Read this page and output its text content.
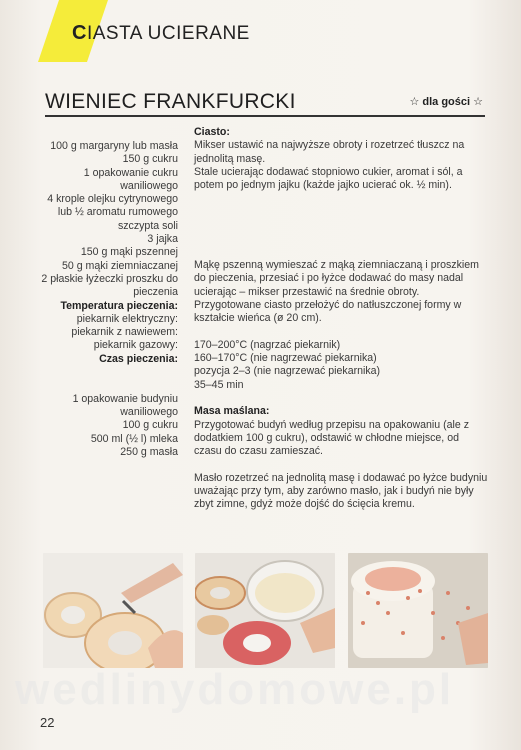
CIASTA UCIERANE
WIENIEC FRANKFURCKI	☆ dla gości ☆
100 g margaryny lub masła
150 g cukru
1 opakowanie cukru
waniliowego
4 krople olejku cytrynowego
lub ½ aromatu rumowego
szczypta soli
3 jajka
150 g mąki pszennej
50 g mąki ziemniaczanej
2 płaskie łyżeczki proszku do
pieczenia
Temperatura pieczenia:
piekarnik elektryczny:
piekarnik z nawiewem:
piekarnik gazowy:
Czas pieczenia:
1 opakowanie budyniu
waniliowego
100 g cukru
500 ml (½ l) mleka
250 g masła
Ciasto:

Mikser ustawić na najwyższe obroty i rozetrzeć tłuszcz na jednolitą masę.

Stale ucierając dodawać stopniowo cukier, aromat i sól, a potem po jednym jajku (każde jajko ucierać ok. ½ min).

Mąkę pszenną wymieszać z mąką ziemniaczaną i proszkiem do pieczenia, przesiać i po łyżce dodawać do masy nadal ucierając – mikser przestawić na średnie obroty. Przygotowane ciasto przełożyć do natłuszczonej formy w kształcie wieńca (ø 20 cm).

170–200°C (nagrzać piekarnik)

160–170°C (nie nagrzewać piekarnika)

pozycja 2–3 (nie nagrzewać piekarnika)

35–45 min

Masa maślana:

Przygotować budyń według przepisu na opakowaniu (ale z dodatkiem 100 g cukru), odstawić w chłodne miejsce, od czasu do czasu zamieszać.

Masło rozetrzeć na jednolitą masę i dodawać po łyżce budyniu uważając przy tym, aby zarówno masło, jak i budyń nie były zbyt zimne, gdyż może dojść do ścięcia kremu.

wedlinydomowe.pl
22
